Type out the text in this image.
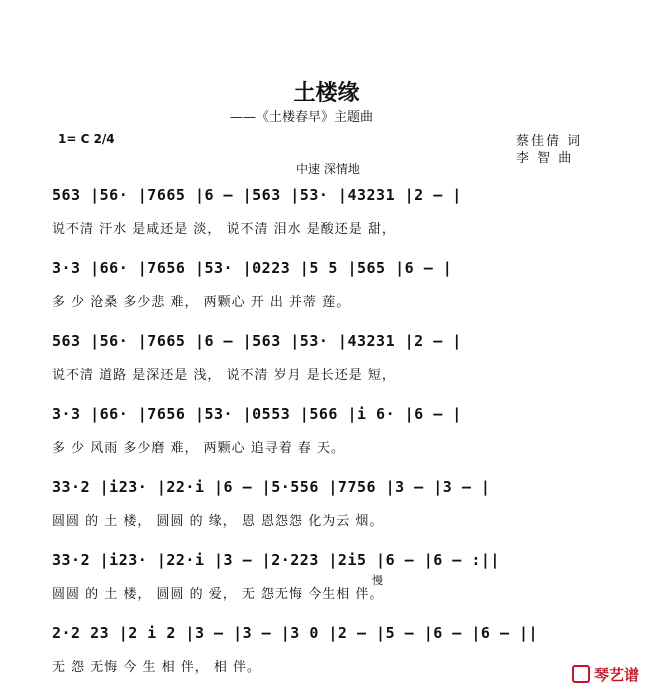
土楼缘
——《土楼春早》主题曲
1= C 2/4	蔡佳倩 词
李 智 曲
中速 深情地
563 |56· |7665 |6 – |563 |53· |43231 |2 – |
说不清 汗水 是咸还是 淡， 说不清 泪水 是酸还是 甜，
3·3 |66· |7656 |53· |0223 |5 5 |565 |6 – |
多 少 沧桑 多少悲 难， 两颗心 开 出 并蒂 莲。
563 |56· |7665 |6 – |563 |53· |43231 |2 – |
说不清 道路 是深还是 浅， 说不清 岁月 是长还是 短，
3·3 |66· |7656 |53· |0553 |566 |i 6· |6 – |
多 少 风雨 多少磨 难， 两颗心 追寻着 春 天。
33·2 |i23· |22·i |6 – |5·556 |7756 |3 – |3 – |
圆圆 的 土 楼， 圆圆 的 缘， 恩 恩怨怨 化为云 烟。
33·2 |i23· |22·i |3 – |2·223 |2i5 |6 – |6 – :||
圆圆 的 土 楼， 圆圆 的 爱， 无 怨无悔 今生相 伴。
2·2 23 |2 i 2 |3 – |3 – |3 0 |2 – |5 – |6 – |6 – ||
无 怨 无悔 今 生 相 伴， 相 伴。
慢
琴艺谱
